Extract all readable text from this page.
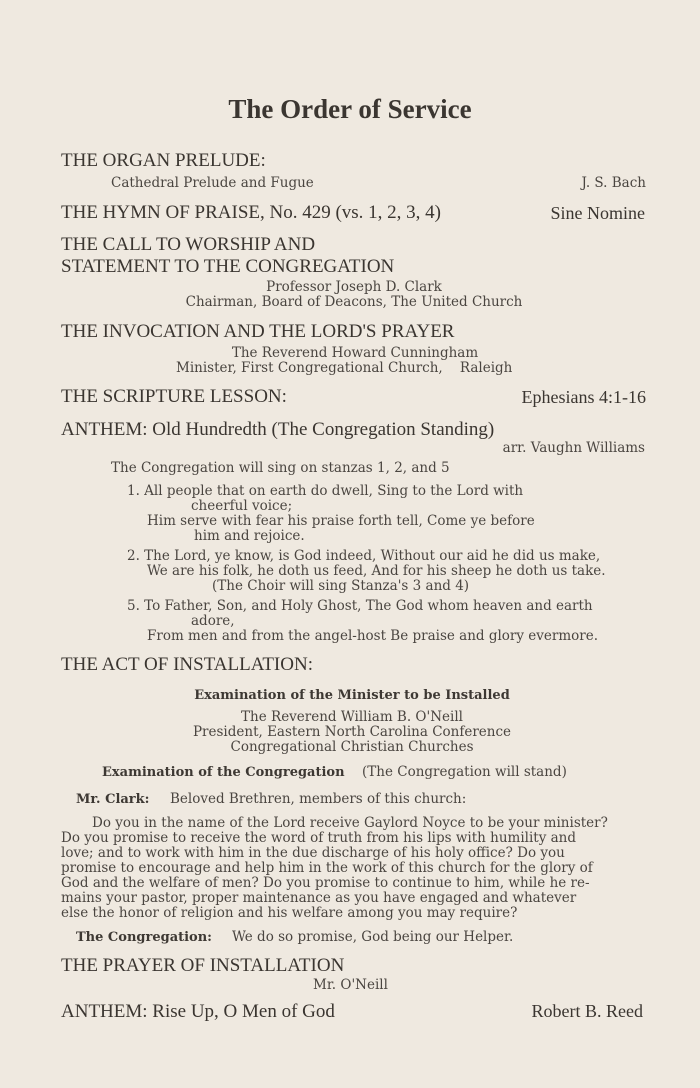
The Order of Service
THE ORGAN PRELUDE:
Cathedral Prelude and Fugue	J. S. Bach
THE HYMN OF PRAISE, No. 429 (vs. 1, 2, 3, 4)	Sine Nomine
THE CALL TO WORSHIP AND
STATEMENT TO THE CONGREGATION
Professor Joseph D. Clark
Chairman, Board of Deacons, The United Church
THE INVOCATION AND THE LORD'S PRAYER
The Reverend Howard Cunningham
Minister, First Congregational Church,    Raleigh
THE SCRIPTURE LESSON:	Ephesians 4:1-16
ANTHEM: Old Hundredth (The Congregation Standing)
arr. Vaughn Williams
The Congregation will sing on stanzas 1, 2, and 5
1. All people that on earth do dwell, Sing to the Lord with
cheerful voice;
Him serve with fear his praise forth tell, Come ye before
him and rejoice.
2. The Lord, ye know, is God indeed, Without our aid he did us make,
We are his folk, he doth us feed, And for his sheep he doth us take.
(The Choir will sing Stanza's 3 and 4)
5. To Father, Son, and Holy Ghost, The God whom heaven and earth
adore,
From men and from the angel-host Be praise and glory evermore.
THE ACT OF INSTALLATION:
Examination of the Minister to be Installed
The Reverend William B. O'Neill
President, Eastern North Carolina Conference
Congregational Christian Churches
Examination of the Congregation (The Congregation will stand)
Mr. Clark: Beloved Brethren, members of this church:
Do you in the name of the Lord receive Gaylord Noyce to be your minister?
Do you promise to receive the word of truth from his lips with humility and
love; and to work with him in the due discharge of his holy office? Do you
promise to encourage and help him in the work of this church for the glory of
God and the welfare of men? Do you promise to continue to him, while he re-
mains your pastor, proper maintenance as you have engaged and whatever
else the honor of religion and his welfare among you may require?
The Congregation: We do so promise, God being our Helper.
THE PRAYER OF INSTALLATION
Mr. O'Neill
ANTHEM: Rise Up, O Men of God	Robert B. Reed
